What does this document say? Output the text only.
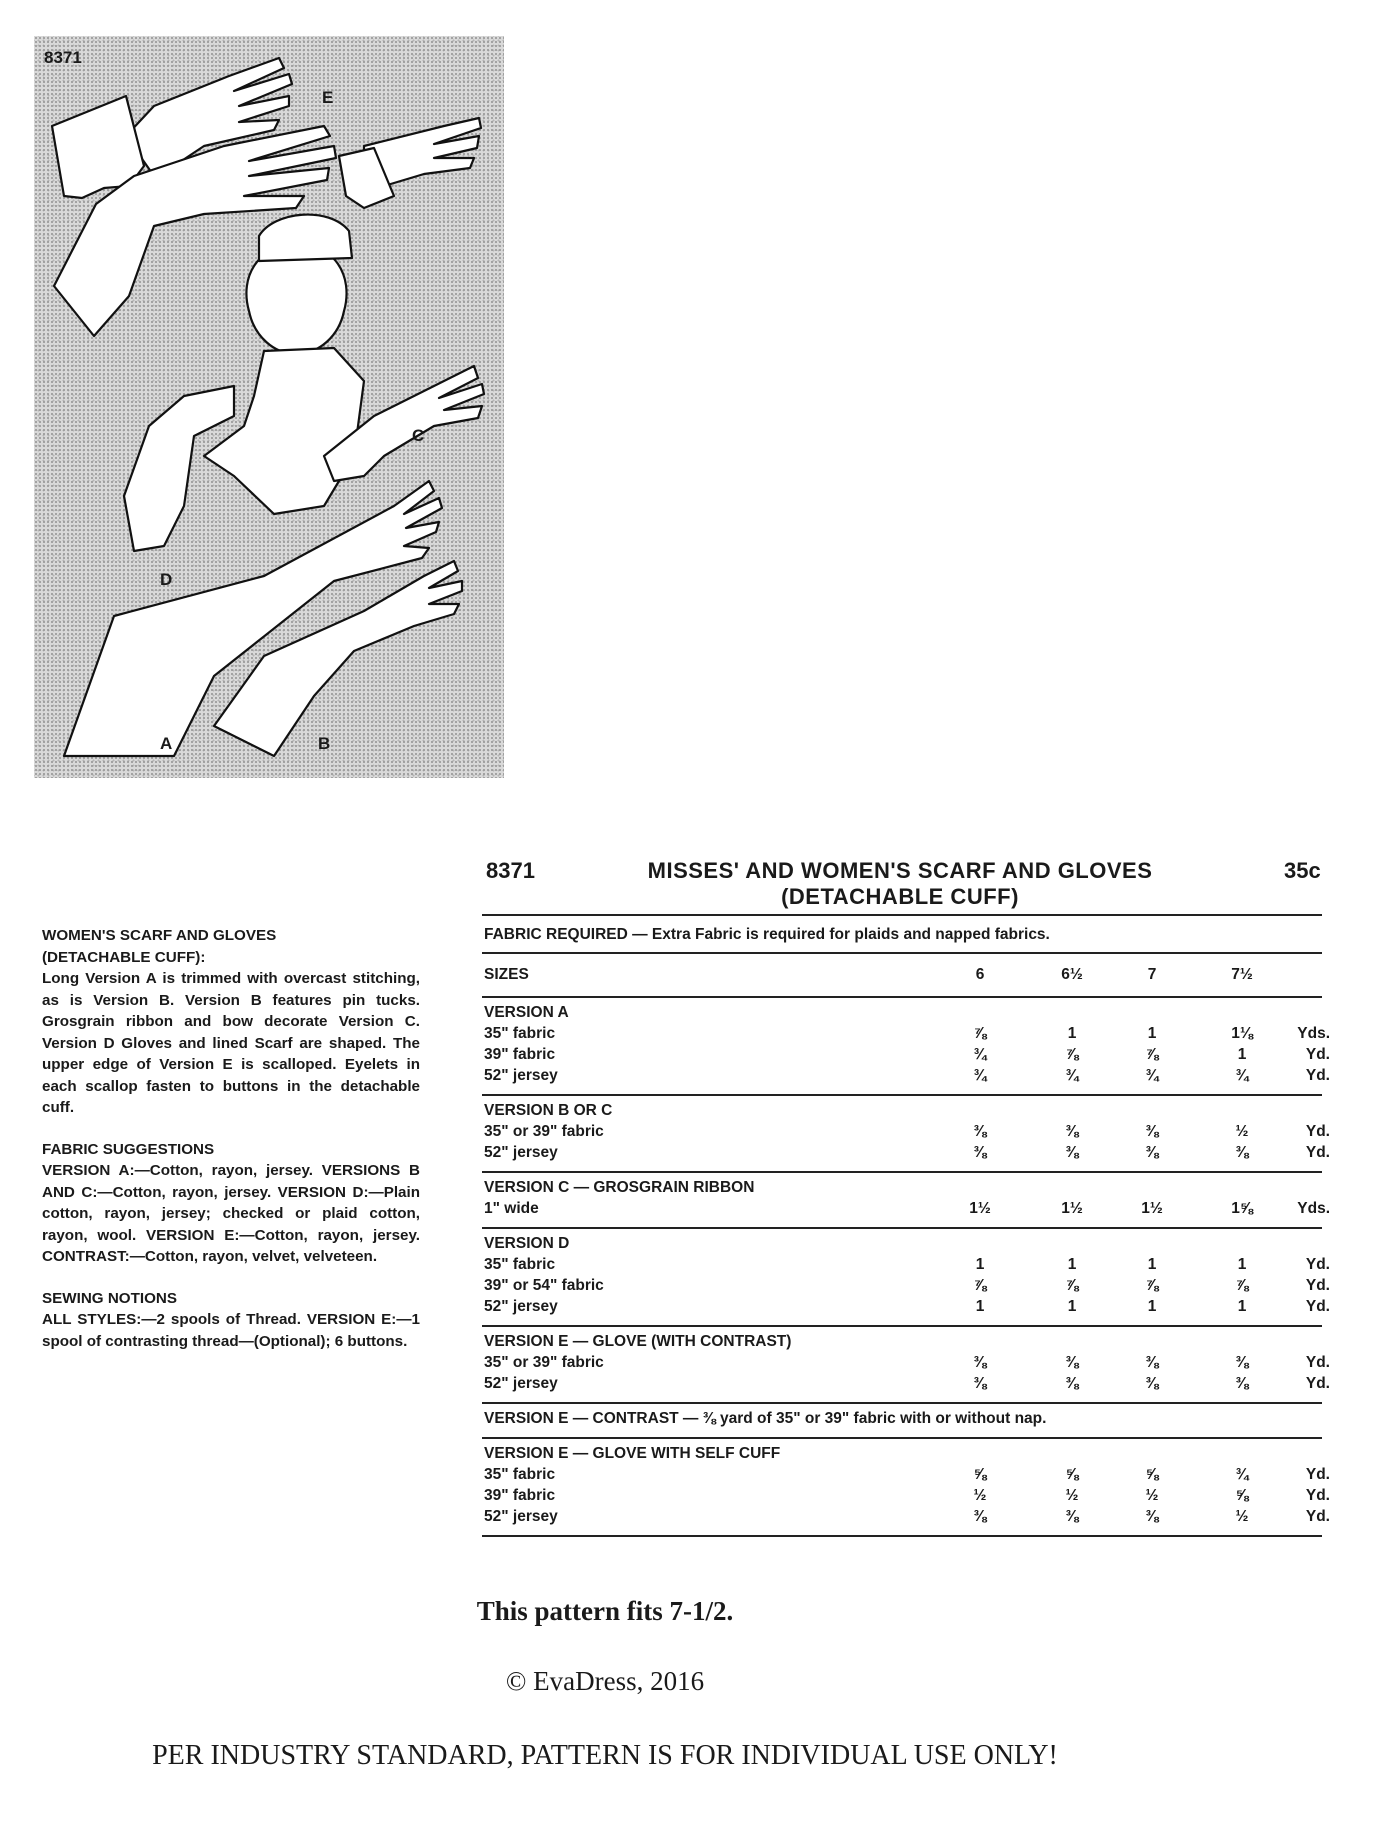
8371
E
C
D
A	B
WOMEN'S SCARF AND GLOVES
(DETACHABLE CUFF):

Long Version A is trimmed with overcast stitching, as is Version B. Version B features pin tucks. Grosgrain ribbon and bow decorate Version C. Version D Gloves and lined Scarf are shaped. The upper edge of Version E is scalloped. Eyelets in each scallop fasten to buttons in the detachable cuff.

FABRIC SUGGESTIONS

VERSION A:—Cotton, rayon, jersey. VERSIONS B AND C:—Cotton, rayon, jersey. VERSION D:—Plain cotton, rayon, jersey; checked or plaid cotton, rayon, wool. VERSION E:—Cotton, rayon, jersey. CONTRAST:—Cotton, rayon, velvet, velveteen.

SEWING NOTIONS

ALL STYLES:—2 spools of Thread. VERSION E:—1 spool of contrasting thread—(Optional); 6 buttons.

8371	MISSES' AND WOMEN'S SCARF AND GLOVES
(DETACHABLE CUFF)
35c
FABRIC REQUIRED — Extra Fabric is required for plaids and napped fabrics.
SIZES	6	6½	7	7½
VERSION A
35" fabric	⅞	1	1	1⅛	Yds.
39" fabric	¾	⅞	⅞	1	Yd.
52" jersey	¾	¾	¾	¾	Yd.
VERSION B OR C
35" or 39" fabric	⅜	⅜	⅜	½	Yd.
52" jersey	⅜	⅜	⅜	⅜	Yd.
VERSION C — GROSGRAIN RIBBON
1" wide	1½	1½	1½	1⅝	Yds.
VERSION D
35" fabric	1	1	1	1	Yd.
39" or 54" fabric	⅞	⅞	⅞	⅞	Yd.
52" jersey	1	1	1	1	Yd.
VERSION E — GLOVE (WITH CONTRAST)
35" or 39" fabric	⅜	⅜	⅜	⅜	Yd.
52" jersey	⅜	⅜	⅜	⅜	Yd.
VERSION E — CONTRAST — ⅜ yard of 35" or 39" fabric with or without nap.
VERSION E — GLOVE WITH SELF CUFF
35" fabric	⅝	⅝	⅝	¾	Yd.
39" fabric	½	½	½	⅝	Yd.
52" jersey	⅜	⅜	⅜	½	Yd.
This pattern fits 7-1/2.
© EvaDress, 2016
PER INDUSTRY STANDARD, PATTERN IS FOR INDIVIDUAL USE ONLY!
